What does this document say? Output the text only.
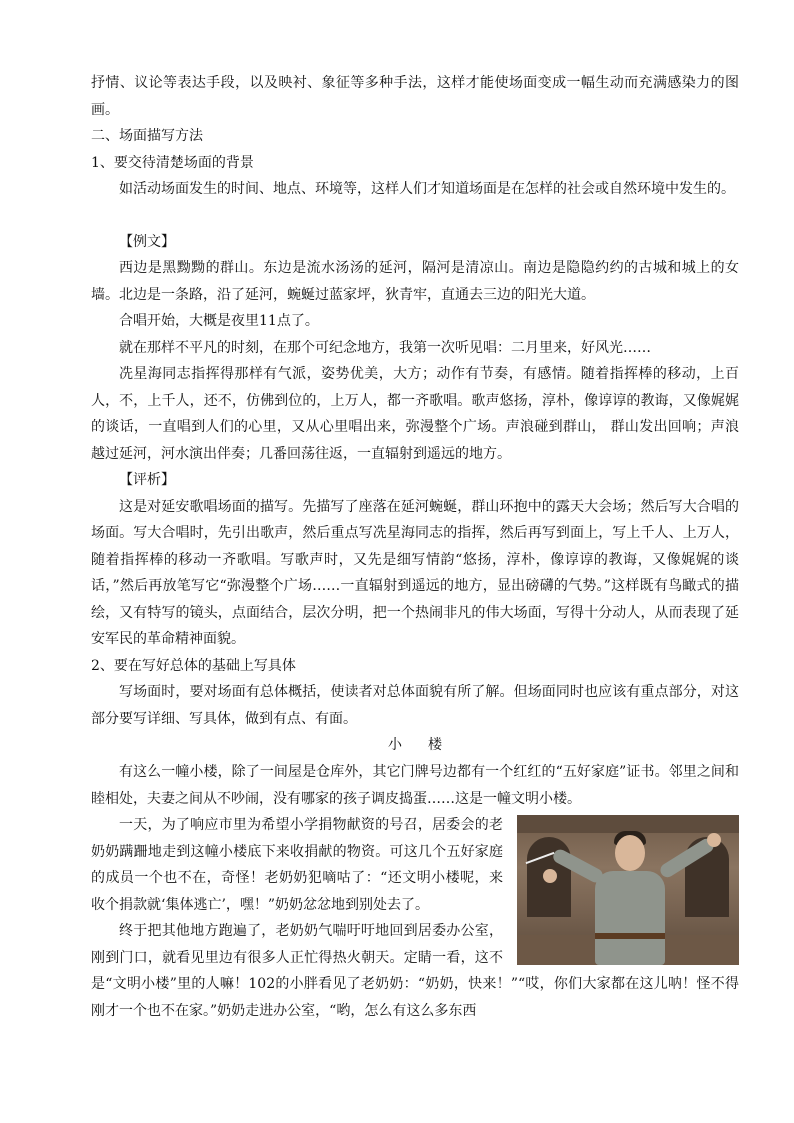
抒情、议论等表达手段，以及映衬、象征等多种手法，这样才能使场面变成一幅生动而充满感染力的图画。

二、场面描写方法

1、要交待清楚场面的背景

如活动场面发生的时间、地点、环境等，这样人们才知道场面是在怎样的社会或自然环境中发生的。

【例文】

西边是黑黝黝的群山。东边是流水汤汤的延河，隔河是清凉山。南边是隐隐约约的古城和城上的女墙。北边是一条路，沿了延河，蜿蜒过蓝家坪，狄青牢，直通去三边的阳光大道。

合唱开始，大概是夜里11点了。

就在那样不平凡的时刻，在那个可纪念地方，我第一次听见唱：二月里来，好风光……

冼星海同志指挥得那样有气派，姿势优美，大方；动作有节奏，有感情。随着指挥棒的移动，上百人，不，上千人，还不，仿佛到位的，上万人，都一齐歌唱。歌声悠扬，淳朴，像谆谆的教诲，又像娓娓的谈话，一直唱到人们的心里，又从心里唱出来，弥漫整个广场。声浪碰到群山， 群山发出回响；声浪越过延河，河水演出伴奏；几番回荡往返，一直辐射到遥远的地方。

【评析】

这是对延安歌唱场面的描写。先描写了座落在延河蜿蜒，群山环抱中的露天大会场；然后写大合唱的场面。写大合唱时，先引出歌声，然后重点写冼星海同志的指挥，然后再写到面上，写上千人、上万人， 随着指挥棒的移动一齐歌唱。写歌声时，又先是细写情韵“悠扬，淳朴，像谆谆的教诲，又像娓娓的谈话，”然后再放笔写它“弥漫整个广场……一直辐射到遥远的地方，显出磅礴的气势。”这样既有鸟瞰式的描绘，又有特写的镜头，点面结合，层次分明，把一个热闹非凡的伟大场面，写得十分动人，从而表现了延安军民的革命精神面貌。

2、要在写好总体的基础上写具体

写场面时，要对场面有总体概括，使读者对总体面貌有所了解。但场面同时也应该有重点部分，对这部分要写详细、写具体，做到有点、有面。

小楼

有这么一幢小楼，除了一间屋是仓库外，其它门牌号边都有一个红红的“五好家庭”证书。邻里之间和睦相处，夫妻之间从不吵闹，没有哪家的孩子调皮捣蛋……这是一幢文明小楼。

一天，为了响应市里为希望小学捐物献资的号召，居委会的老奶奶蹒跚地走到这幢小楼底下来收捐献的物资。可这几个五好家庭的成员一个也不在，奇怪！老奶奶犯嘀咕了：“还文明小楼呢，来收个捐款就‘集体逃亡’，嘿！”奶奶忿忿地到别处去了。

终于把其他地方跑遍了，老奶奶气喘吁吁地回到居委办公室，刚到门口，就看见里边有很多人正忙得热火朝天。定睛一看，这不是“文明小楼”里的人嘛！102的小胖看见了老奶奶：“奶奶，快来！”“哎，你们大家都在这儿呐！怪不得刚才一个也不在家。”奶奶走进办公室，“哟，怎么有这么多东西
